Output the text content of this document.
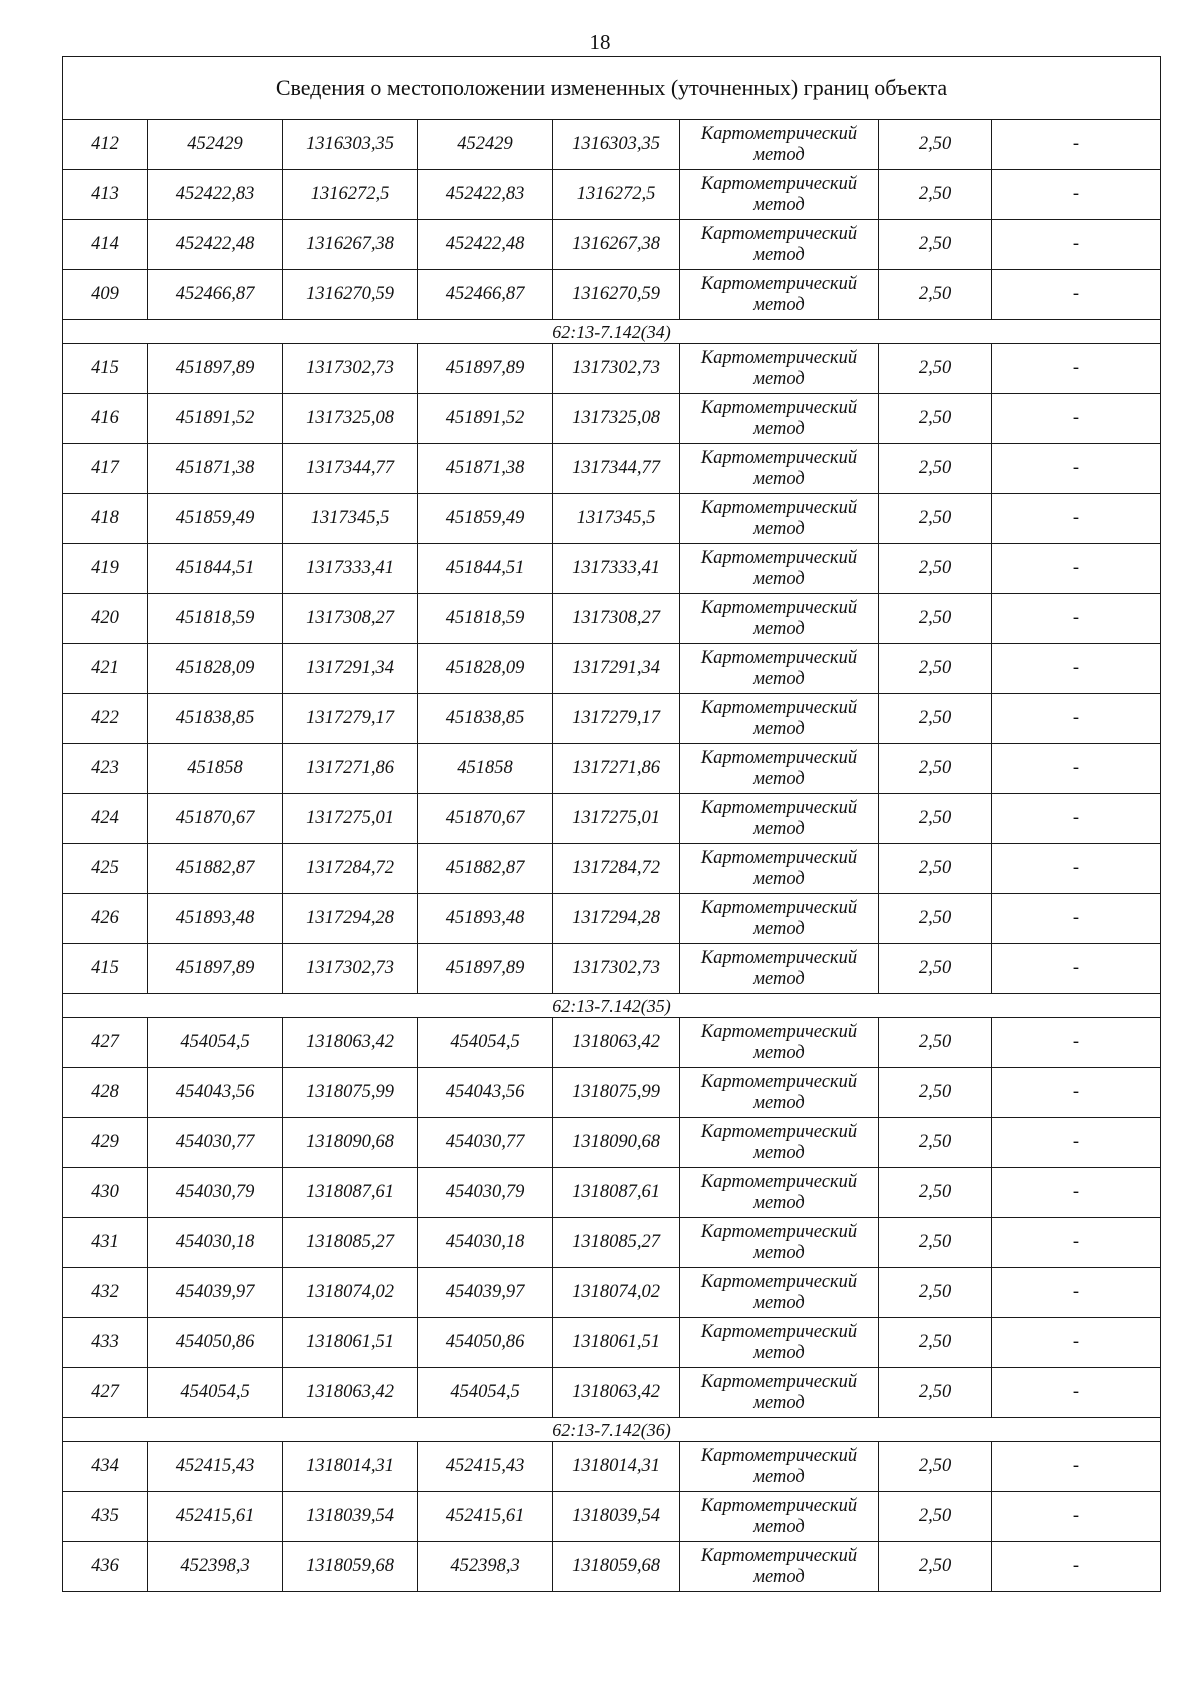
18
Сведения о местоположении измененных (уточненных) границ объекта							
412	452429	1316303,35	452429	1316303,35	Картометрический
метод	2,50	-
413	452422,83	1316272,5	452422,83	1316272,5	Картометрический
метод	2,50	-
414	452422,48	1316267,38	452422,48	1316267,38	Картометрический
метод	2,50	-
409	452466,87	1316270,59	452466,87	1316270,59	Картометрический
метод	2,50	-
62:13-7.142(34)							
415	451897,89	1317302,73	451897,89	1317302,73	Картометрический
метод	2,50	-
416	451891,52	1317325,08	451891,52	1317325,08	Картометрический
метод	2,50	-
417	451871,38	1317344,77	451871,38	1317344,77	Картометрический
метод	2,50	-
418	451859,49	1317345,5	451859,49	1317345,5	Картометрический
метод	2,50	-
419	451844,51	1317333,41	451844,51	1317333,41	Картометрический
метод	2,50	-
420	451818,59	1317308,27	451818,59	1317308,27	Картометрический
метод	2,50	-
421	451828,09	1317291,34	451828,09	1317291,34	Картометрический
метод	2,50	-
422	451838,85	1317279,17	451838,85	1317279,17	Картометрический
метод	2,50	-
423	451858	1317271,86	451858	1317271,86	Картометрический
метод	2,50	-
424	451870,67	1317275,01	451870,67	1317275,01	Картометрический
метод	2,50	-
425	451882,87	1317284,72	451882,87	1317284,72	Картометрический
метод	2,50	-
426	451893,48	1317294,28	451893,48	1317294,28	Картометрический
метод	2,50	-
415	451897,89	1317302,73	451897,89	1317302,73	Картометрический
метод	2,50	-
62:13-7.142(35)							
427	454054,5	1318063,42	454054,5	1318063,42	Картометрический
метод	2,50	-
428	454043,56	1318075,99	454043,56	1318075,99	Картометрический
метод	2,50	-
429	454030,77	1318090,68	454030,77	1318090,68	Картометрический
метод	2,50	-
430	454030,79	1318087,61	454030,79	1318087,61	Картометрический
метод	2,50	-
431	454030,18	1318085,27	454030,18	1318085,27	Картометрический
метод	2,50	-
432	454039,97	1318074,02	454039,97	1318074,02	Картометрический
метод	2,50	-
433	454050,86	1318061,51	454050,86	1318061,51	Картометрический
метод	2,50	-
427	454054,5	1318063,42	454054,5	1318063,42	Картометрический
метод	2,50	-
62:13-7.142(36)							
434	452415,43	1318014,31	452415,43	1318014,31	Картометрический
метод	2,50	-
435	452415,61	1318039,54	452415,61	1318039,54	Картометрический
метод	2,50	-
436	452398,3	1318059,68	452398,3	1318059,68	Картометрический
метод	2,50	-
